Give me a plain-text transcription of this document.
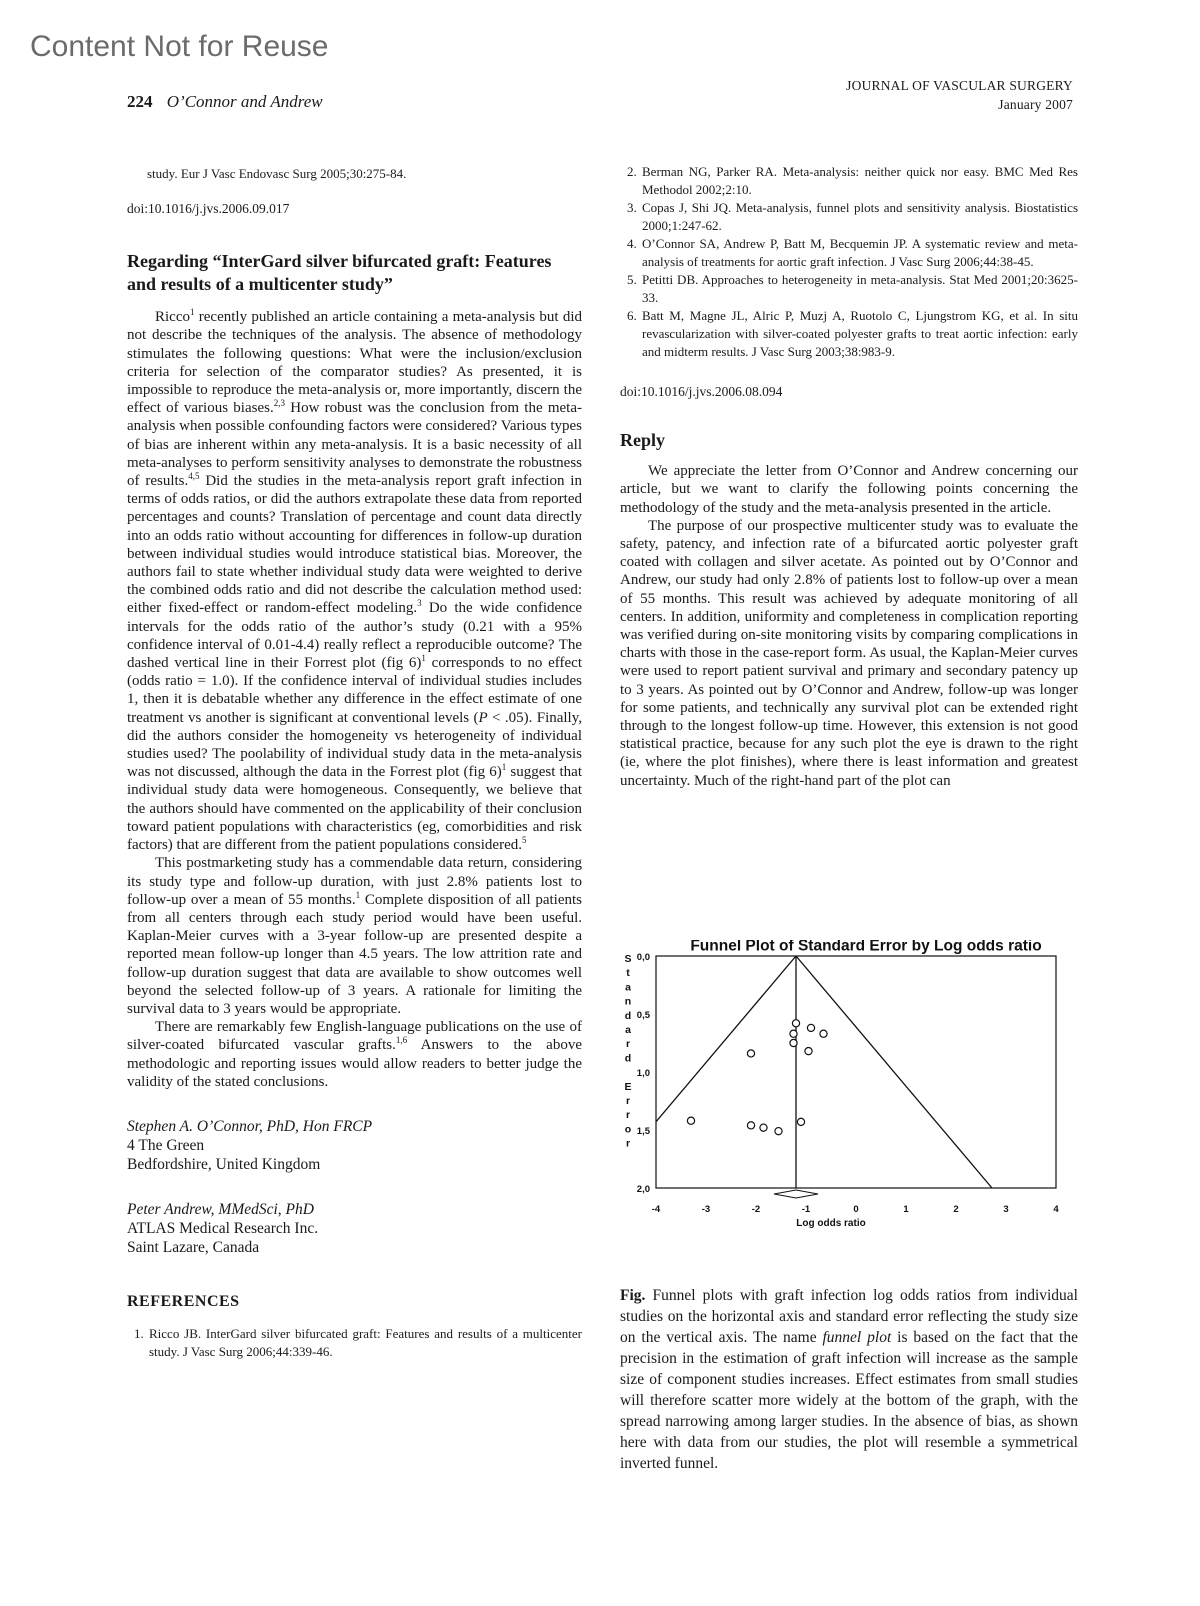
Content Not for Reuse
224 O’Connor and Andrew
JOURNAL OF VASCULAR SURGERY
January 2007

study. Eur J Vasc Endovasc Surg 2005;30:275-84.

doi:10.1016/j.jvs.2006.09.017

Regarding “InterGard silver bifurcated graft: Features and results of a multicenter study”

Ricco$^1$ recently published an article containing a meta-analysis but did not describe the techniques of the analysis. The absence of methodology stimulates the following questions: What were the inclusion/exclusion criteria for selection of the comparator studies? As presented, it is impossible to reproduce the meta-analysis or, more importantly, discern the effect of various biases.$^{2,3}$ How robust was the conclusion from the meta-analysis when possible confounding factors were considered? Various types of bias are inherent within any meta-analysis. It is a basic necessity of all meta-analyses to perform sensitivity analyses to demonstrate the robustness of results.$^{4,5}$ Did the studies in the meta-analysis report graft infection in terms of odds ratios, or did the authors extrapolate these data from reported percentages and counts? Translation of percentage and count data directly into an odds ratio without accounting for differences in follow-up duration between individual studies would introduce statistical bias. Moreover, the authors fail to state whether individual study data were weighted to derive the combined odds ratio and did not describe the calculation method used: either fixed-effect or random-effect modeling.$^3$ Do the wide confidence intervals for the odds ratio of the author’s study (0.21 with a 95% confidence interval of 0.01-4.4) really reflect a reproducible outcome? The dashed vertical line in their Forrest plot (fig 6)$^1$ corresponds to no effect (odds ratio = 1.0). If the confidence interval of individual studies includes 1, then it is debatable whether any difference in the effect estimate of one treatment vs another is significant at conventional levels (P < .05). Finally, did the authors consider the homogeneity vs heterogeneity of individual studies used? The poolability of individual study data in the meta-analysis was not discussed, although the data in the Forrest plot (fig 6)$^1$ suggest that individual study data were homogeneous. Consequently, we believe that the authors should have commented on the applicability of their conclusion toward patient populations with characteristics (eg, comorbidities and risk factors) that are different from the patient populations considered.$^5$

This postmarketing study has a commendable data return, considering its study type and follow-up duration, with just 2.8% patients lost to follow-up over a mean of 55 months.$^1$ Complete disposition of all patients from all centers through each study period would have been useful. Kaplan-Meier curves with a 3-year follow-up are presented despite a reported mean follow-up longer than 4.5 years. The low attrition rate and follow-up duration suggest that data are available to show outcomes well beyond the selected follow-up of 3 years. A rationale for limiting the survival data to 3 years would be appropriate.

There are remarkably few English-language publications on the use of silver-coated bifurcated vascular grafts.$^{1,6}$ Answers to the above methodologic and reporting issues would allow readers to better judge the validity of the stated conclusions.

Stephen A. O’Connor, PhD, Hon FRCP
4 The Green
Bedfordshire, United Kingdom
Peter Andrew, MMedSci, PhD
ATLAS Medical Research Inc.
Saint Lazare, Canada
REFERENCES
1. Ricco JB. InterGard silver bifurcated graft: Features and results of a multicenter study. J Vasc Surg 2006;44:339-46.
2. Berman NG, Parker RA. Meta-analysis: neither quick nor easy. BMC Med Res Methodol 2002;2:10.
3. Copas J, Shi JQ. Meta-analysis, funnel plots and sensitivity analysis. Biostatistics 2000;1:247-62.
4. O’Connor SA, Andrew P, Batt M, Becquemin JP. A systematic review and meta-analysis of treatments for aortic graft infection. J Vasc Surg 2006;44:38-45.
5. Petitti DB. Approaches to heterogeneity in meta-analysis. Stat Med 2001;20:3625-33.
6. Batt M, Magne JL, Alric P, Muzj A, Ruotolo C, Ljungstrom KG, et al. In situ revascularization with silver-coated polyester grafts to treat aortic infection: early and midterm results. J Vasc Surg 2003;38:983-9.

doi:10.1016/j.jvs.2006.08.094

Reply

We appreciate the letter from O’Connor and Andrew concerning our article, but we want to clarify the following points concerning the methodology of the study and the meta-analysis presented in the article.

The purpose of our prospective multicenter study was to evaluate the safety, patency, and infection rate of a bifurcated aortic polyester graft coated with collagen and silver acetate. As pointed out by O’Connor and Andrew, our study had only 2.8% of patients lost to follow-up over a mean of 55 months. This result was achieved by adequate monitoring of all centers. In addition, uniformity and completeness in complication reporting was verified during on-site monitoring visits by comparing complications in charts with those in the case-report form. As usual, the Kaplan-Meier curves were used to report patient survival and primary and secondary patency up to 3 years. As pointed out by O’Connor and Andrew, follow-up was longer for some patients, and technically any survival plot can be extended right through to the longest follow-up time. However, this extension is not good statistical practice, because for any such plot the eye is drawn to the right (ie, where the plot finishes), where there is least information and greatest uncertainty. Much of the right-hand part of the plot can

Funnel Plot of Standard Error by Log odds ratio
0,0
0,5
1,0
1,5
2,0
-4	-3	-2	-1	0	1	2	3	4
Log odds ratio
S
t
a
n
d
a
r
d
E
r
r
o
r
Fig. Funnel plots with graft infection log odds ratios from individual studies on the horizontal axis and standard error reflecting the study size on the vertical axis. The name funnel plot is based on the fact that the precision in the estimation of graft infection will increase as the sample size of component studies increases. Effect estimates from small studies will therefore scatter more widely at the bottom of the graph, with the spread narrowing among larger studies. In the absence of bias, as shown here with data from our studies, the plot will resemble a symmetrical inverted funnel.
